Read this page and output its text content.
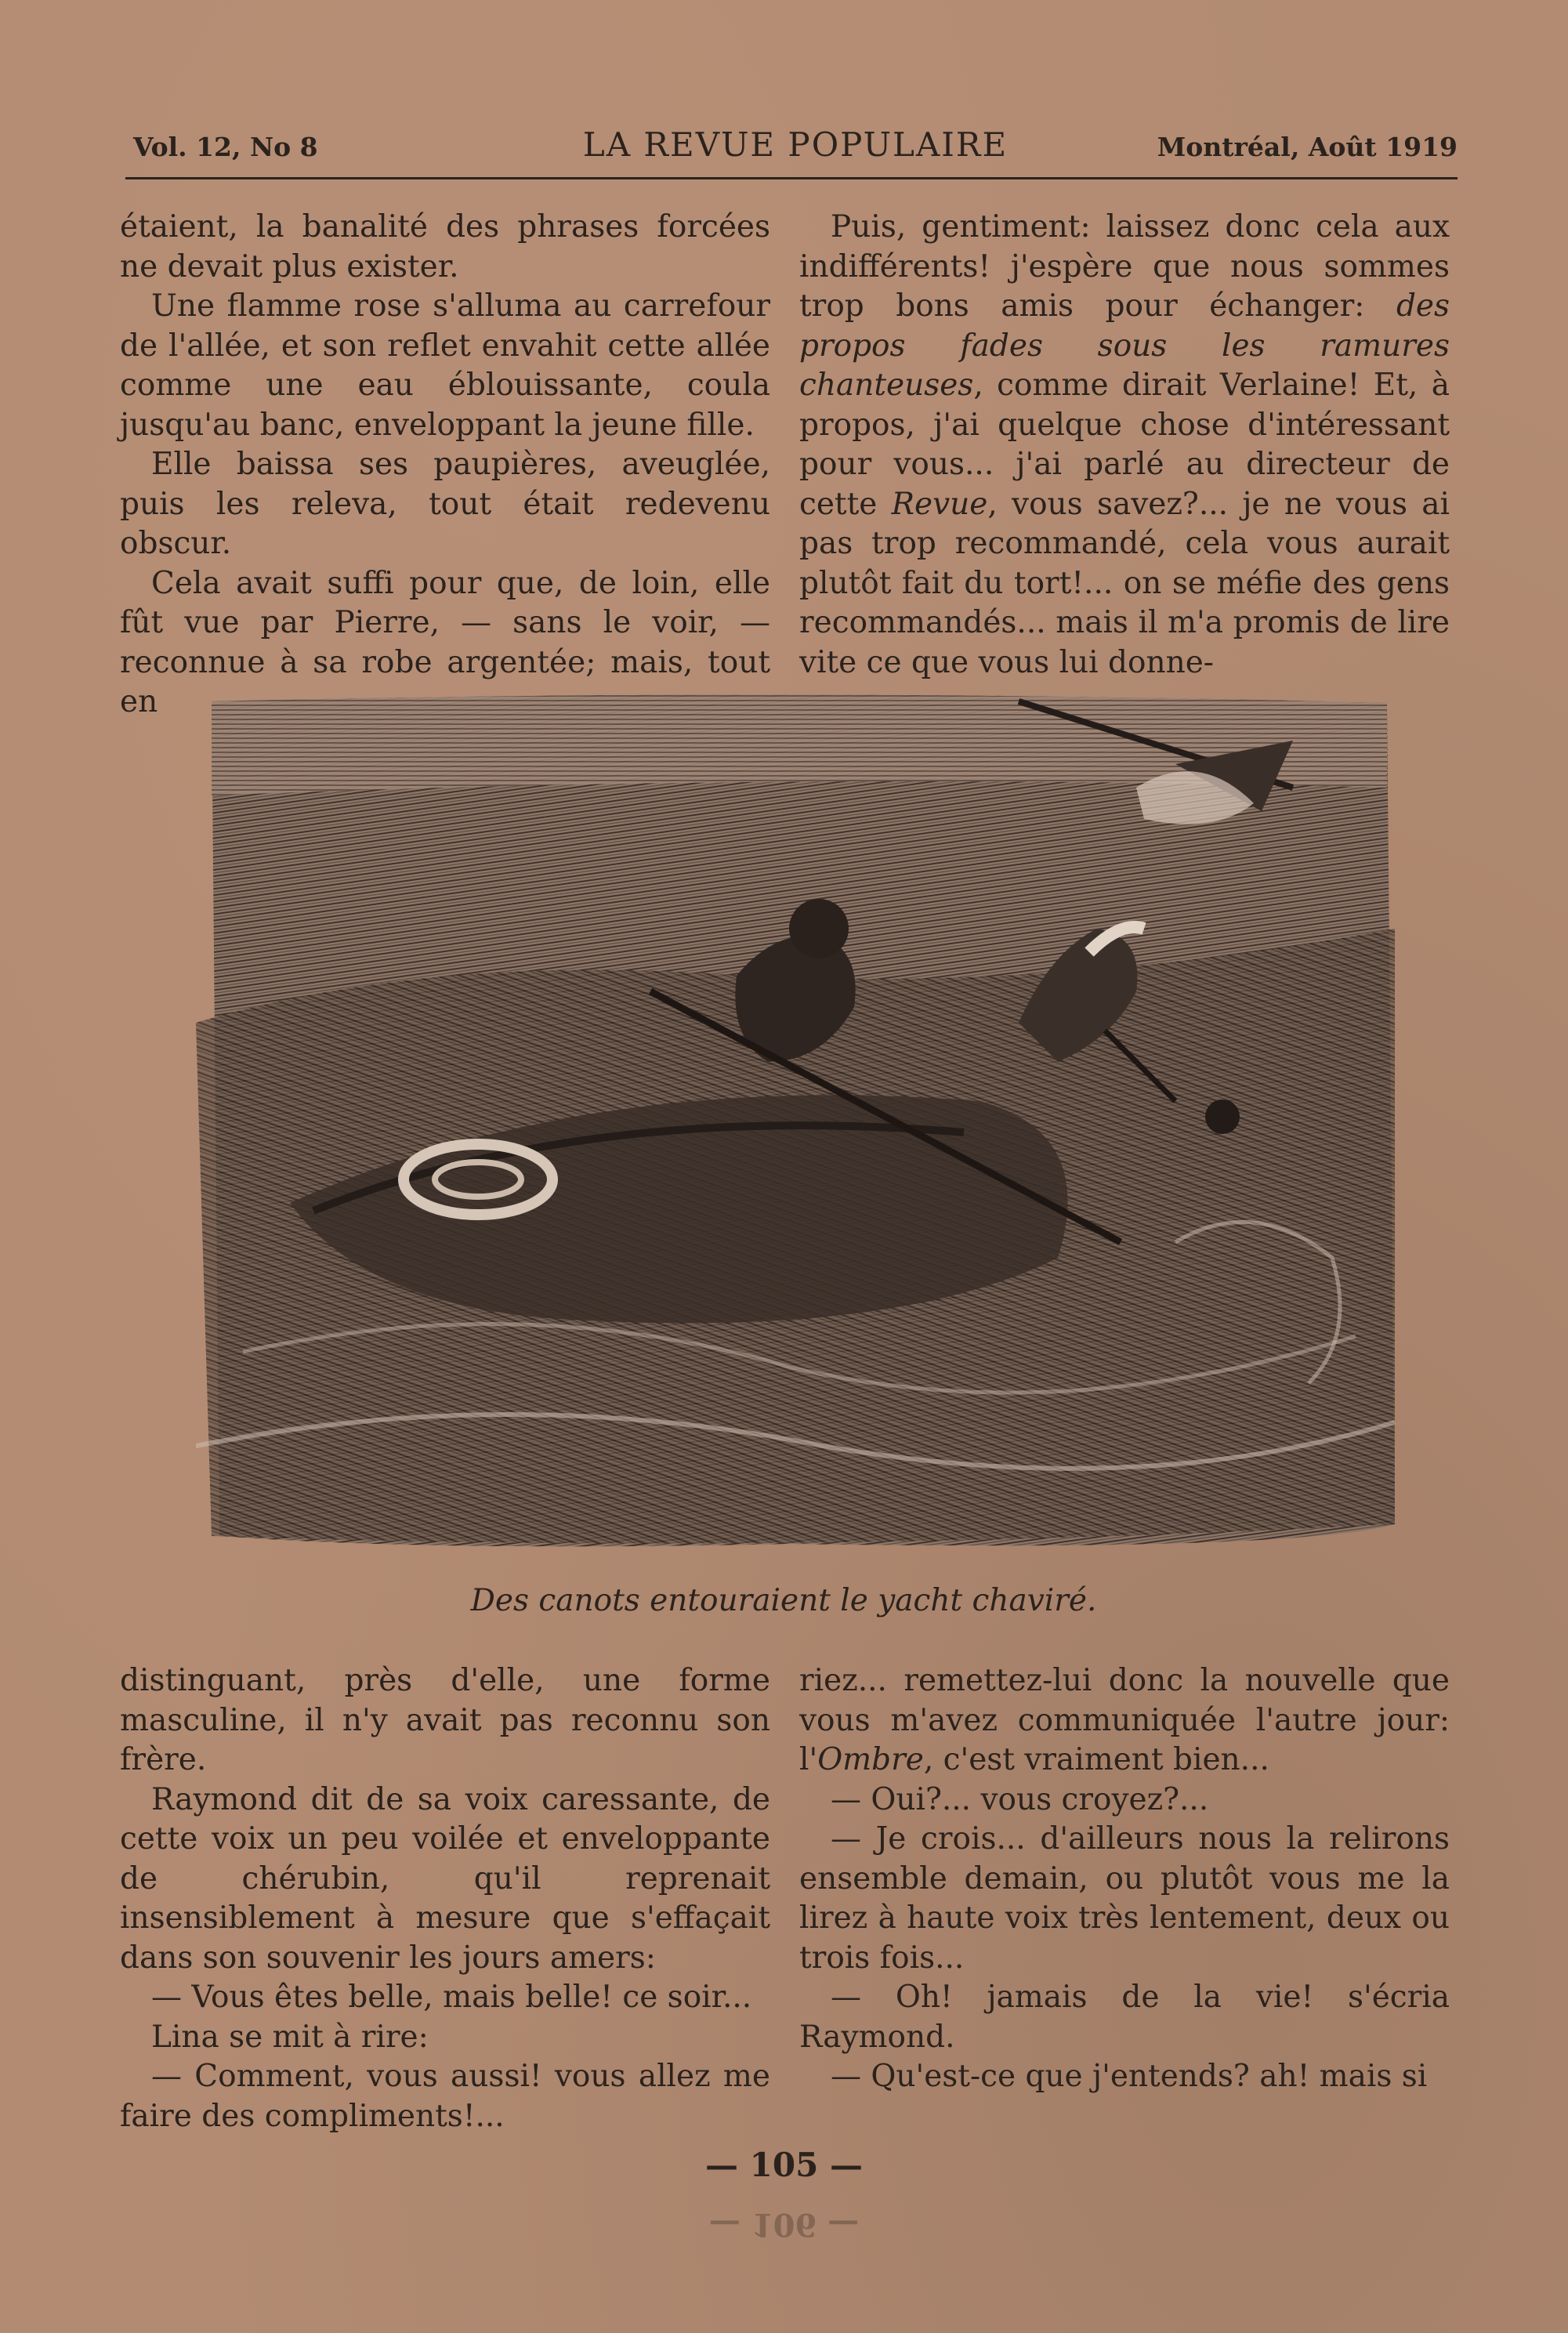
Vol. 12, No 8	LA REVUE POPULAIRE	Montréal, Août 1919

étaient, la banalité des phrases forcées ne devait plus exister.

Une flamme rose s'alluma au carrefour de l'allée, et son reflet envahit cette allée comme une eau éblouissante, coula jusqu'au banc, enveloppant la jeune fille.

Elle baissa ses paupières, aveuglée, puis les releva, tout était redevenu obscur.

Cela avait suffi pour que, de loin, elle fût vue par Pierre, — sans le voir, — reconnue à sa robe argentée; mais, tout en

Puis, gentiment: laissez donc cela aux indifférents! j'espère que nous sommes trop bons amis pour échanger: des propos fades sous les ramures chanteuses, comme dirait Verlaine! Et, à propos, j'ai quelque chose d'intéressant pour vous... j'ai parlé au directeur de cette Revue, vous savez?... je ne vous ai pas trop recommandé, cela vous aurait plutôt fait du tort!... on se méfie des gens recommandés... mais il m'a promis de lire vite ce que vous lui donne-

Des canots entouraient le yacht chaviré.

distinguant, près d'elle, une forme masculine, il n'y avait pas reconnu son frère.

Raymond dit de sa voix caressante, de cette voix un peu voilée et enveloppante de chérubin, qu'il reprenait insensiblement à mesure que s'effaçait dans son souvenir les jours amers:

— Vous êtes belle, mais belle! ce soir...

Lina se mit à rire:

— Comment, vous aussi! vous allez me faire des compliments!...

riez... remettez-lui donc la nouvelle que vous m'avez communiquée l'autre jour: l'Ombre, c'est vraiment bien...

— Oui?... vous croyez?...

— Je crois... d'ailleurs nous la relirons ensemble demain, ou plutôt vous me la lirez à haute voix très lentement, deux ou trois fois...

— Oh! jamais de la vie! s'écria Raymond.

— Qu'est-ce que j'entends? ah! mais si

— 105 —
— 106 —
